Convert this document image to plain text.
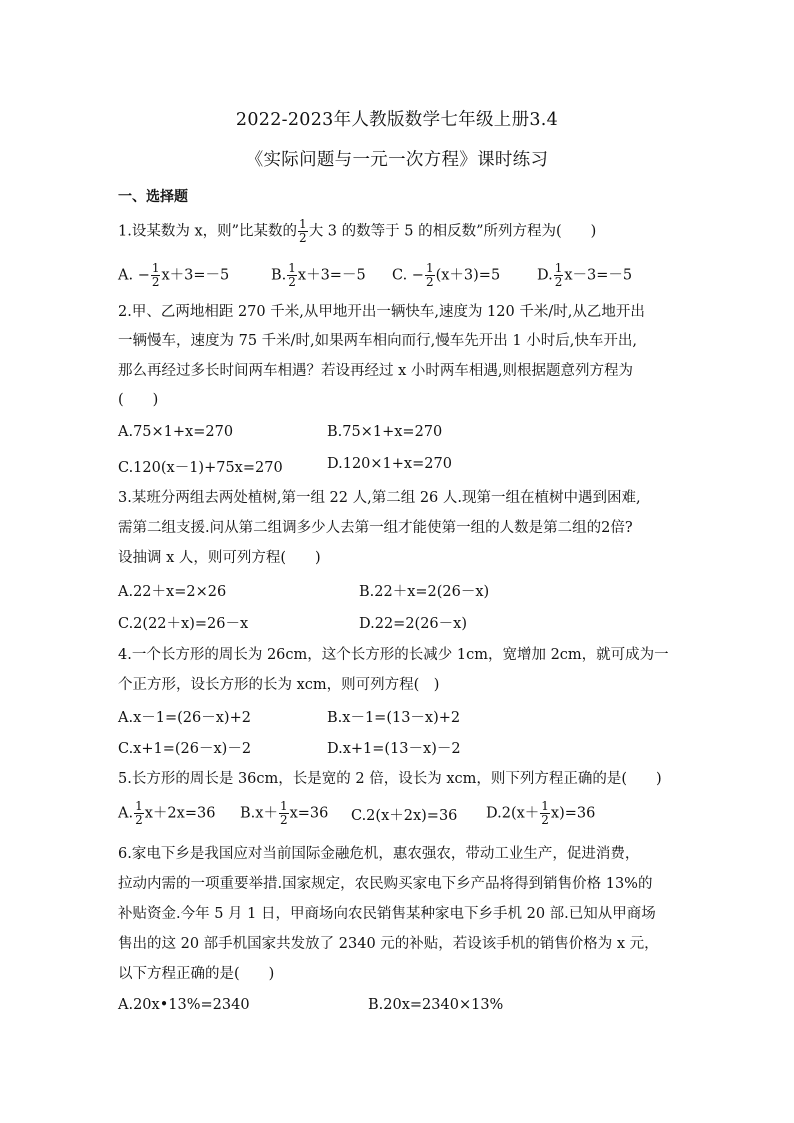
2022-2023年人教版数学七年级上册3.4
《实际问题与一元一次方程》课时练习
一、选择题
1.设某数为 x，则”比某数的 $\frac{1}{2}$ 大 3 的数等于 5 的相反数”所列方程为(　　)
A. − $\frac{1}{2} x+3=-5$	B. $\frac{1}{2} x+3=-5$ C. − $\frac{1}{2} (x+3)=5$	D. $\frac{1}{2} x-3=-5$
2.甲、乙两地相距 270 千米,从甲地开出一辆快车,速度为 120 千米/时,从乙地开出
一辆慢车，速度为 75 千米/时,如果两车相向而行,慢车先开出 1 小时后,快车开出,
那么再经过多长时间两车相遇？若设再经过 x 小时两车相遇,则根据题意列方程为
(　　)
A.75×1+x=270	B.75×1+x=270
C.120(x－1)+75x=270	D.120×1+x=270
3.某班分两组去两处植树,第一组 22 人,第二组 26 人.现第一组在植树中遇到困难,
需第二组支援.问从第二组调多少人去第一组才能使第一组的人数是第二组的2倍?
设抽调 x 人，则可列方程(　　)
A.22＋x=2×26	B.22＋x=2(26－x)
C.2(22＋x)=26－x	D.22=2(26－x)
4.一个长方形的周长为 26cm，这个长方形的长减少 1cm，宽增加 2cm，就可成为一
个正方形，设长方形的长为 xcm，则可列方程(　)
A.x－1=(26－x)+2	B.x－1=(13－x)+2
C.x+1=(26－x)－2	D.x+1=(13－x)－2
5.长方形的周长是 36cm，长是宽的 2 倍，设长为 xcm，则下列方程正确的是(　　)
A. $\frac{1}{2} x+2x=36$ $B.x+ \frac{1}{2} x=36$ C.2(x＋2x)=36 $D.2(x+ \frac{1}{2} x)=36$
6.家电下乡是我国应对当前国际金融危机，惠农强农，带动工业生产，促进消费，
拉动内需的一项重要举措.国家规定，农民购买家电下乡产品将得到销售价格 13%的
补贴资金.今年 5 月 1 日，甲商场向农民销售某种家电下乡手机 20 部.已知从甲商场
售出的这 20 部手机国家共发放了 2340 元的补贴，若设该手机的销售价格为 x 元，
以下方程正确的是(　　)
A.20x•13%=2340	B.20x=2340×13%
